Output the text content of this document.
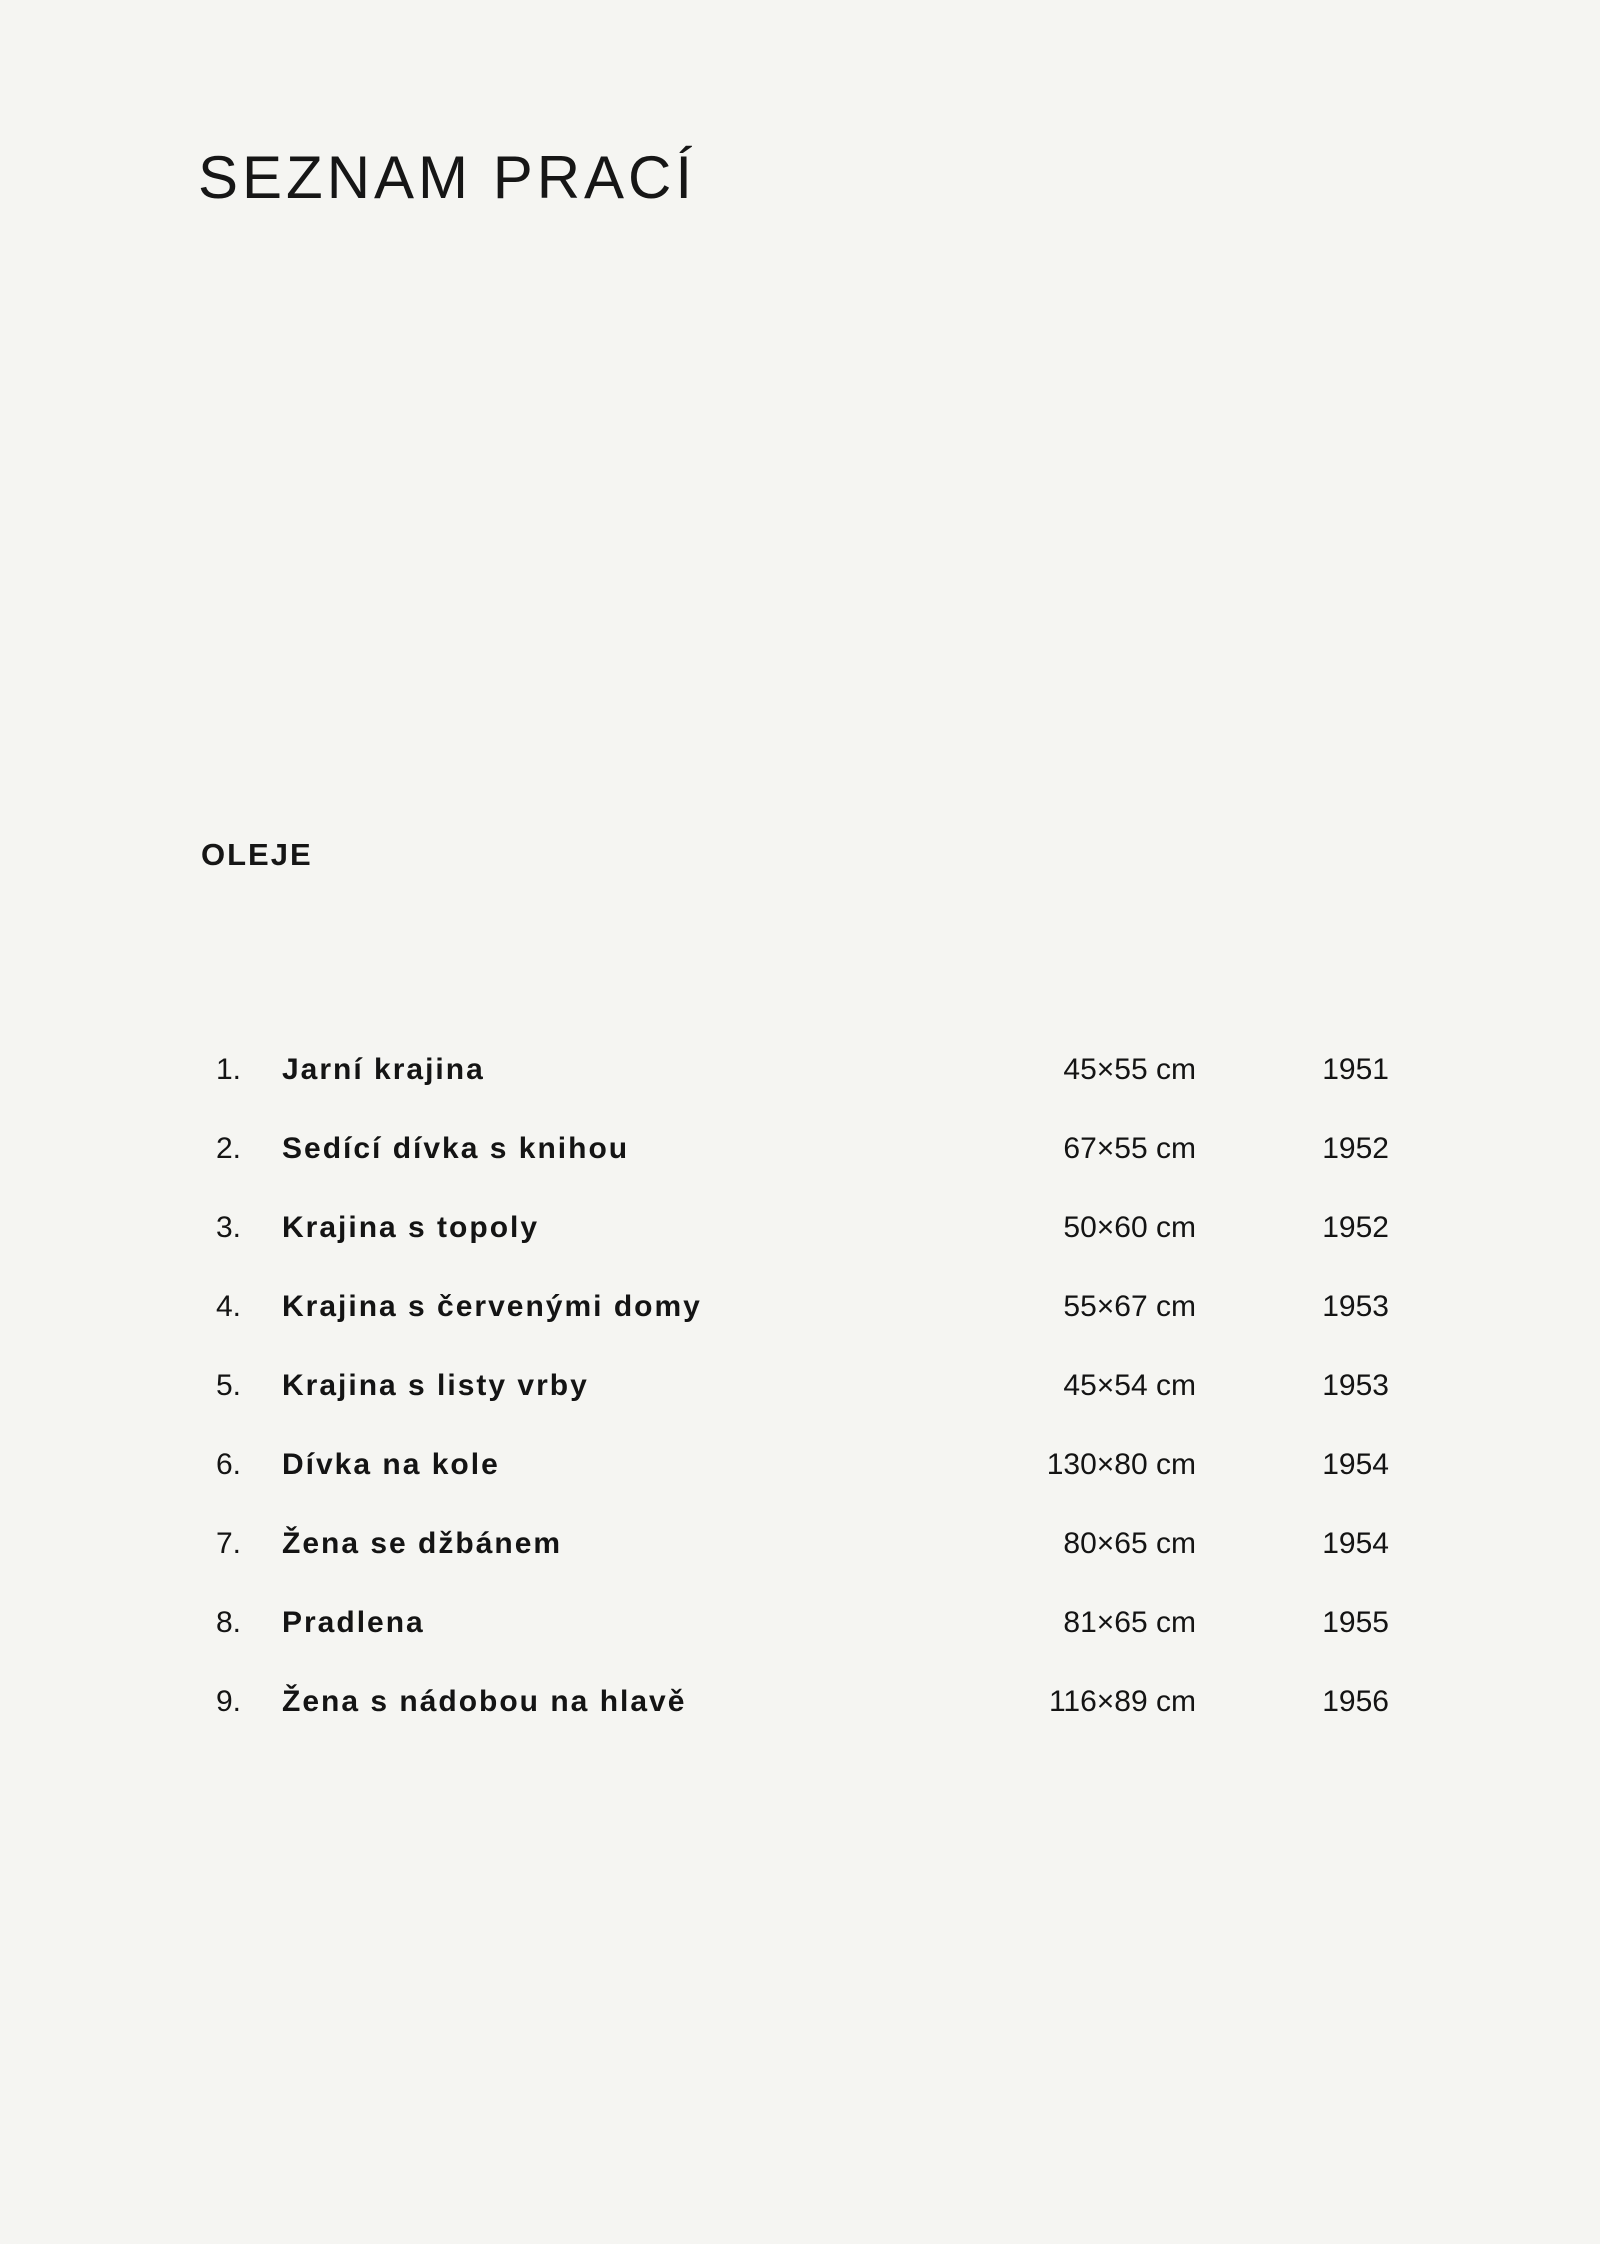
SEZNAM PRACÍ
OLEJE
1. Jarní krajina	45×55 cm	1951
2. Sedící dívka s knihou	67×55 cm	1952
3. Krajina s topoly	50×60 cm	1952
4. Krajina s červenými domy	55×67 cm	1953
5. Krajina s listy vrby	45×54 cm	1953
6. Dívka na kole	130×80 cm	1954
7. Žena se džbánem	80×65 cm	1954
8. Pradlena	81×65 cm	1955
9. Žena s nádobou na hlavě	116×89 cm	1956
